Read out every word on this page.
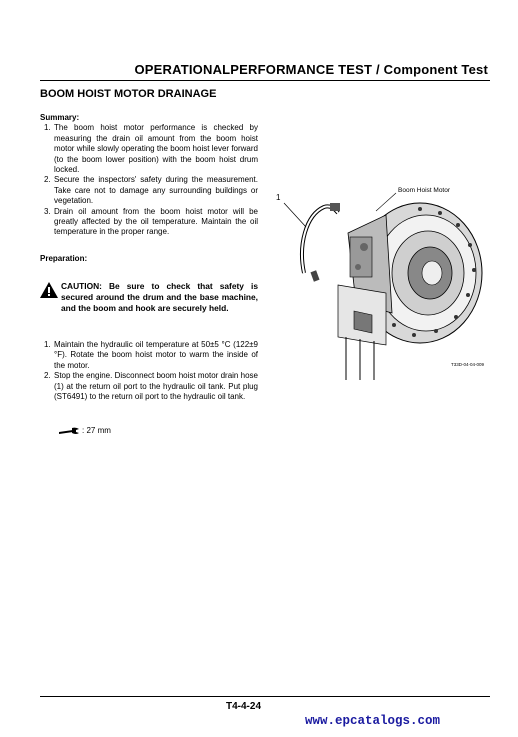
OPERATIONALPERFORMANCE TEST / Component Test
BOOM HOIST MOTOR DRAINAGE
Summary:
1. The boom hoist motor performance is checked by measuring the drain oil amount from the boom hoist motor while slowly operating the boom hoist lever forward (to the boom lower position) with the boom hoist drum locked.
2. Secure the inspectors' safety during the measurement. Take care not to damage any surrounding buildings or vegetation.
3. Drain oil amount from the boom hoist motor will be greatly affected by the oil temperature. Maintain the oil temperature in the proper range.
Preparation:
CAUTION: Be sure to check that safety is secured around the drum and the base machine, and the boom and hook are securely held.
1. Maintain the hydraulic oil temperature at 50±5 °C (122±9 °F). Rotate the boom hoist motor to warm the inside of the motor.
2. Stop the engine. Disconnect boom hoist motor drain hose (1) at the return oil port to the hydraulic oil tank. Put plug (ST6491) to the return oil port to the hydraulic oil tank.
: 27 mm
Boom Hoist Motor
1
T33D-04-04-009
T4-4-24
www.epcatalogs.com
